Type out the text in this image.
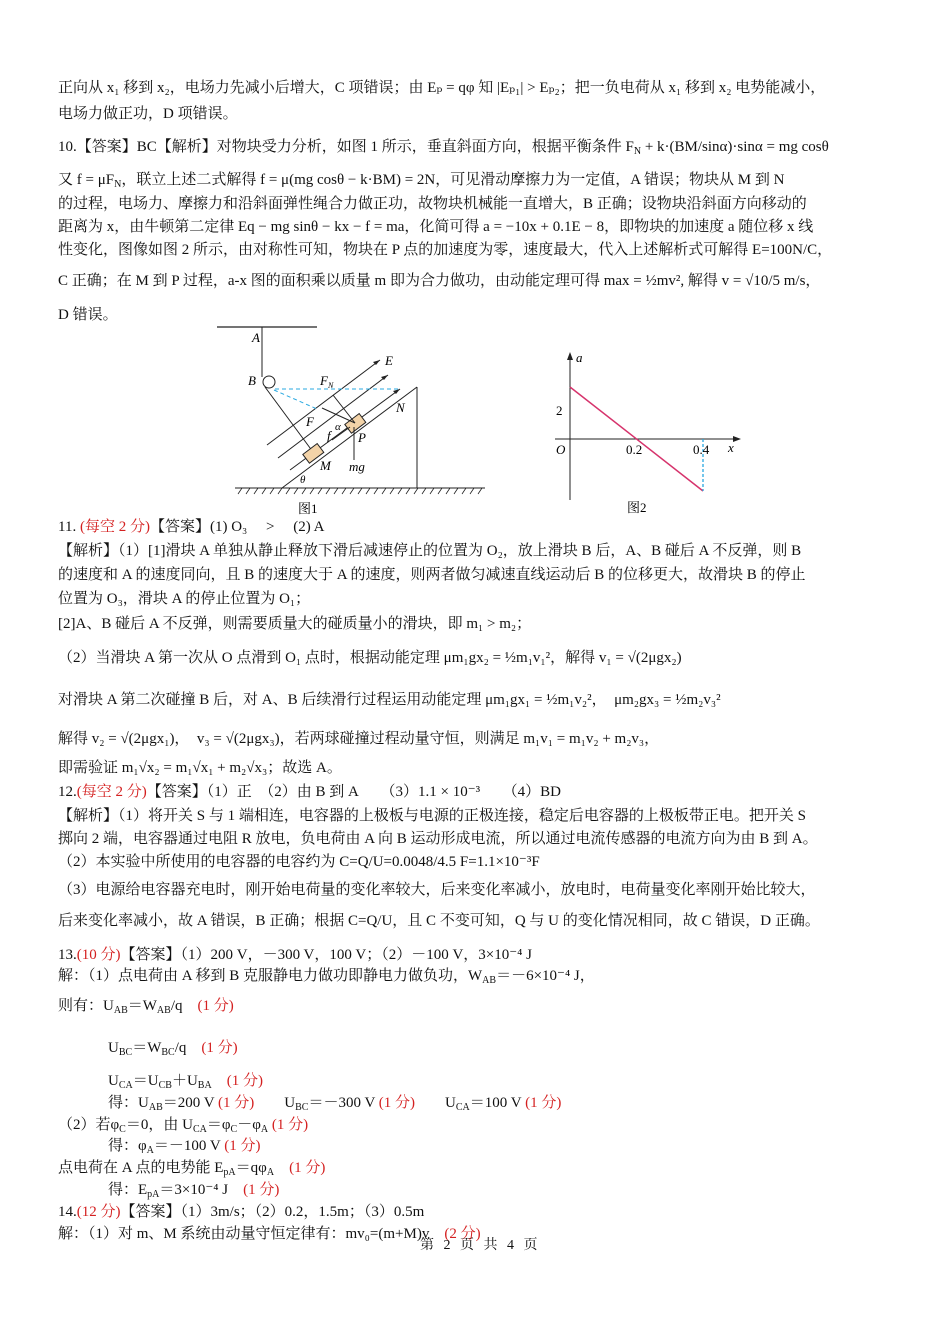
正向从 x₁ 移到 x₂，电场力先减小后增大，C 项错误；由 Eₚ = qφ 知 |Eₚ₁| > Eₚ₂；把一负电荷从 x₁ 移到 x₂ 电势能减小，
电场力做正功，D 项错误。
10.【答案】BC【解析】对物块受力分析，如图 1 所示，垂直斜面方向，根据平衡条件 $F_N + k\cdot(BM/\sin\alpha)\cdot\sin\alpha$ = mg cosθ
又 $f = \mu F_N$，联立上述二式解得 f = μ(mg cosθ − k·BM) = 2N，可见滑动摩擦力为一定值，A 错误；物块从 M 到 N
的过程，电场力、摩擦力和沿斜面弹性绳合力做正功，故物块机械能一直增大，B 正确；设物块沿斜面方向移动的
距离为 x，由牛顿第二定律 Eq − mg sinθ − kx − f = ma，化简可得 a = −10x + 0.1E − 8，即物块的加速度 a 随位移 x 线
性变化，图像如图 2 所示，由对称性可知，物块在 P 点的加速度为零，速度最大，代入上述解析式可解得 E=100N/C，
C 正确；在 M 到 P 过程，a-x 图的面积乘以质量 m 即为合力做功，由动能定理可得 max = ½mv², 解得 v = √10/5 m/s，
D 错误。
11. (每空 2 分)【答案】(1) O₃　 >　 (2) A
【解析】（1）[1]滑块 A 单独从静止释放下滑后减速停止的位置为 O₂，放上滑块 B 后，A、B 碰后 A 不反弹，则 B
的速度和 A 的速度同向，且 B 的速度大于 A 的速度，则两者做匀减速直线运动后 B 的位移更大，故滑块 B 的停止
位置为 O₃，滑块 A 的停止位置为 O₁；
[2]A、B 碰后 A 不反弹，则需要质量大的碰质量小的滑块，即 m₁ > m₂；
（2）当滑块 A 第一次从 O 点滑到 O₁ 点时，根据动能定理 μm₁gx₂ = ½m₁v₁²，解得 v₁ = √(2μgx₂)
对滑块 A 第二次碰撞 B 后，对 A、B 后续滑行过程运用动能定理 μm₁gx₁ = ½m₁v₂²，　μm₂gx₃ = ½m₂v₃²
解得 v₂ = √(2μgx₁)，　v₃ = √(2μgx₃)，若两球碰撞过程动量守恒，则满足 m₁v₁ = m₁v₂ + m₂v₃，
即需验证 m₁√x₂ = m₁√x₁ + m₂√x₃；故选 A。
12.(每空 2 分)【答案】（1）正　（2）由 B 到 A　　（3）1.1 × 10⁻³　　（4）BD
【解析】（1）将开关 S 与 1 端相连，电容器的上极板与电源的正极连接，稳定后电容器的上极板带正电。把开关 S
掷向 2 端，电容器通过电阻 R 放电，负电荷由 A 向 B 运动形成电流，所以通过电流传感器的电流方向为由 B 到 A。
（2）本实验中所使用的电容器的电容约为 C=Q/U=0.0048/4.5 F=1.1×10⁻³F
（3）电源给电容器充电时，刚开始电荷量的变化率较大，后来变化率减小，放电时，电荷量变化率刚开始比较大，
后来变化率减小，故 A 错误，B 正确；根据 C=Q/U，且 C 不变可知，Q 与 U 的变化情况相同，故 C 错误，D 正确。
13.(10 分)【答案】（1）200 V，－300 V，100 V；（2）－100 V，3×10⁻⁴ J
解：（1）点电荷由 A 移到 B 克服静电力做功即静电力做负功，$W_{AB}=-6\times 10^{-4}$ J，
则有：$U_{AB}=W_{AB}/q$　(1 分)
$U_{BC}=W_{BC}/q$　(1 分)
$U_{CA}=U_{CB}+U_{BA}$　 (1 分)
得：$U_{AB}=200$ V (1 分)　　$U_{BC}=-300$ V (1 分)　　$U_{CA}=100$ V (1 分)
（2）若$\varphi_C=0$，由 $U_{CA}=\varphi_C-\varphi_A$ (1 分)
得：$\varphi_A=-100$ V (1 分)
点电荷在 A 点的电势能 $E_{pA}=q\varphi_A$　 (1 分)
得：$E_{pA}=3\times 10^{-4}$ J　(1 分)
14.(12 分)【答案】（1）3m/s；（2）0.2，1.5m；（3）0.5m
解：（1）对 m、M 系统由动量守恒定律有：mv₀=(m+M)v　(2 分)
A
B
E
$F_N$
N
F
f
α
P
M mg
θ
图1
a
x
O
2
0.2	0.4
图2
第 2 页 共 4 页
